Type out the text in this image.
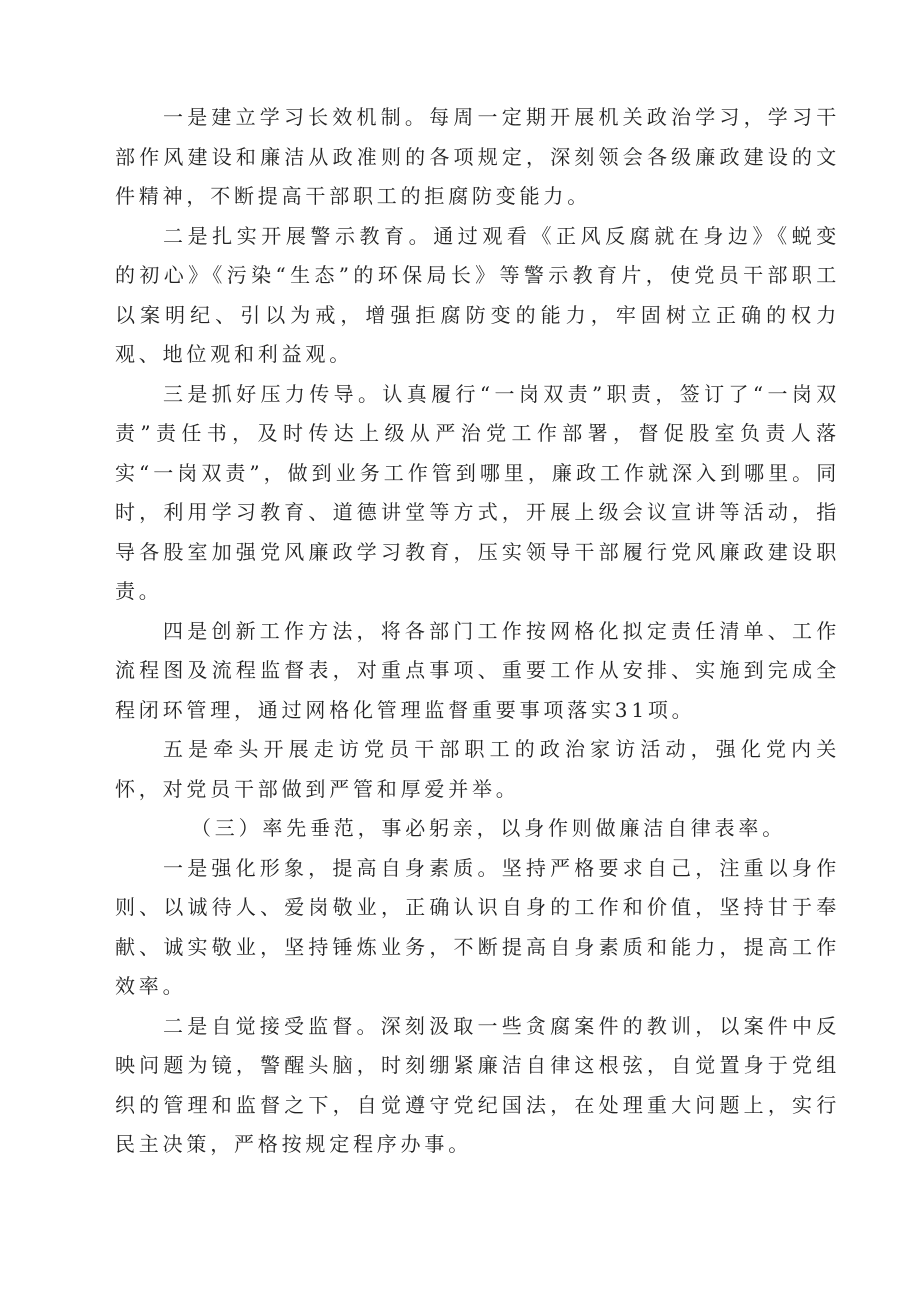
一是建立学习长效机制。每周一定期开展机关政治学习，学习干部作风建设和廉洁从政准则的各项规定，深刻领会各级廉政建设的文件精神，不断提高干部职工的拒腐防变能力。

二是扎实开展警示教育。通过观看《正风反腐就在身边》《蜕变的初心》《污染“生态”的环保局长》等警示教育片，使党员干部职工以案明纪、引以为戒，增强拒腐防变的能力，牢固树立正确的权力观、地位观和利益观。

三是抓好压力传导。认真履行“一岗双责”职责，签订了“一岗双责”责任书，及时传达上级从严治党工作部署，督促股室负责人落实“一岗双责”，做到业务工作管到哪里，廉政工作就深入到哪里。同时，利用学习教育、道德讲堂等方式，开展上级会议宣讲等活动，指导各股室加强党风廉政学习教育，压实领导干部履行党风廉政建设职责。

四是创新工作方法，将各部门工作按网格化拟定责任清单、工作流程图及流程监督表，对重点事项、重要工作从安排、实施到完成全程闭环管理，通过网格化管理监督重要事项落实31项。

五是牵头开展走访党员干部职工的政治家访活动，强化党内关怀，对党员干部做到严管和厚爱并举。

（三）率先垂范，事必躬亲，以身作则做廉洁自律表率。

一是强化形象，提高自身素质。坚持严格要求自己，注重以身作则、以诚待人、爱岗敬业，正确认识自身的工作和价值，坚持甘于奉献、诚实敬业，坚持锤炼业务，不断提高自身素质和能力，提高工作效率。

二是自觉接受监督。深刻汲取一些贪腐案件的教训，以案件中反映问题为镜，警醒头脑，时刻绷紧廉洁自律这根弦，自觉置身于党组织的管理和监督之下，自觉遵守党纪国法，在处理重大问题上，实行民主决策，严格按规定程序办事。
